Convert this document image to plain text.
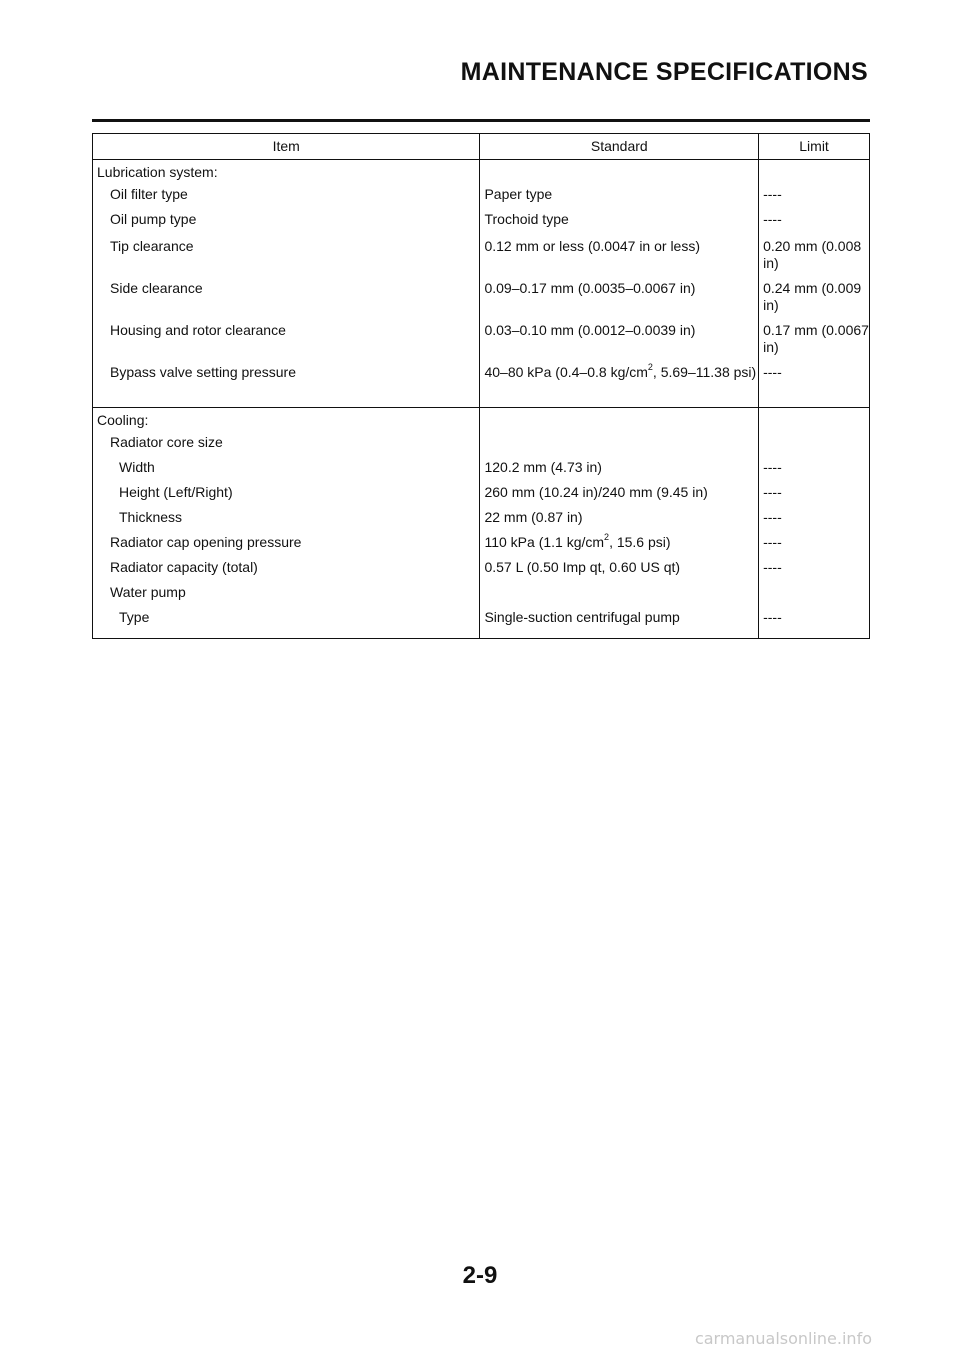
MAINTENANCE SPECIFICATIONS
Item	Standard	Limit
Lubrication system:		
Oil filter type	Paper type	----
Oil pump type	Trochoid type	----
Tip clearance	0.12 mm or less (0.0047 in or less)	0.20 mm (0.008 in)
Side clearance	0.09–0.17 mm (0.0035–0.0067 in)	0.24 mm (0.009 in)
Housing and rotor clearance	0.03–0.10 mm (0.0012–0.0039 in)	0.17 mm (0.0067 in)
Bypass valve setting pressure	40–80 kPa (0.4–0.8 $kg/cm^2$, 5.69–11.38 psi)	----
Cooling:		
Radiator core size		
Width	120.2 mm (4.73 in)	----
Height (Left/Right)	260 mm (10.24 in)/240 mm (9.45 in)	----
Thickness	22 mm (0.87 in)	----
Radiator cap opening pressure	110 kPa (1.1 $kg/cm^2$, 15.6 psi)	----
Radiator capacity (total)	0.57 L (0.50 Imp qt, 0.60 US qt)	----
Water pump		
Type	Single-suction centrifugal pump	----
2-9
carmanualsonline.info
